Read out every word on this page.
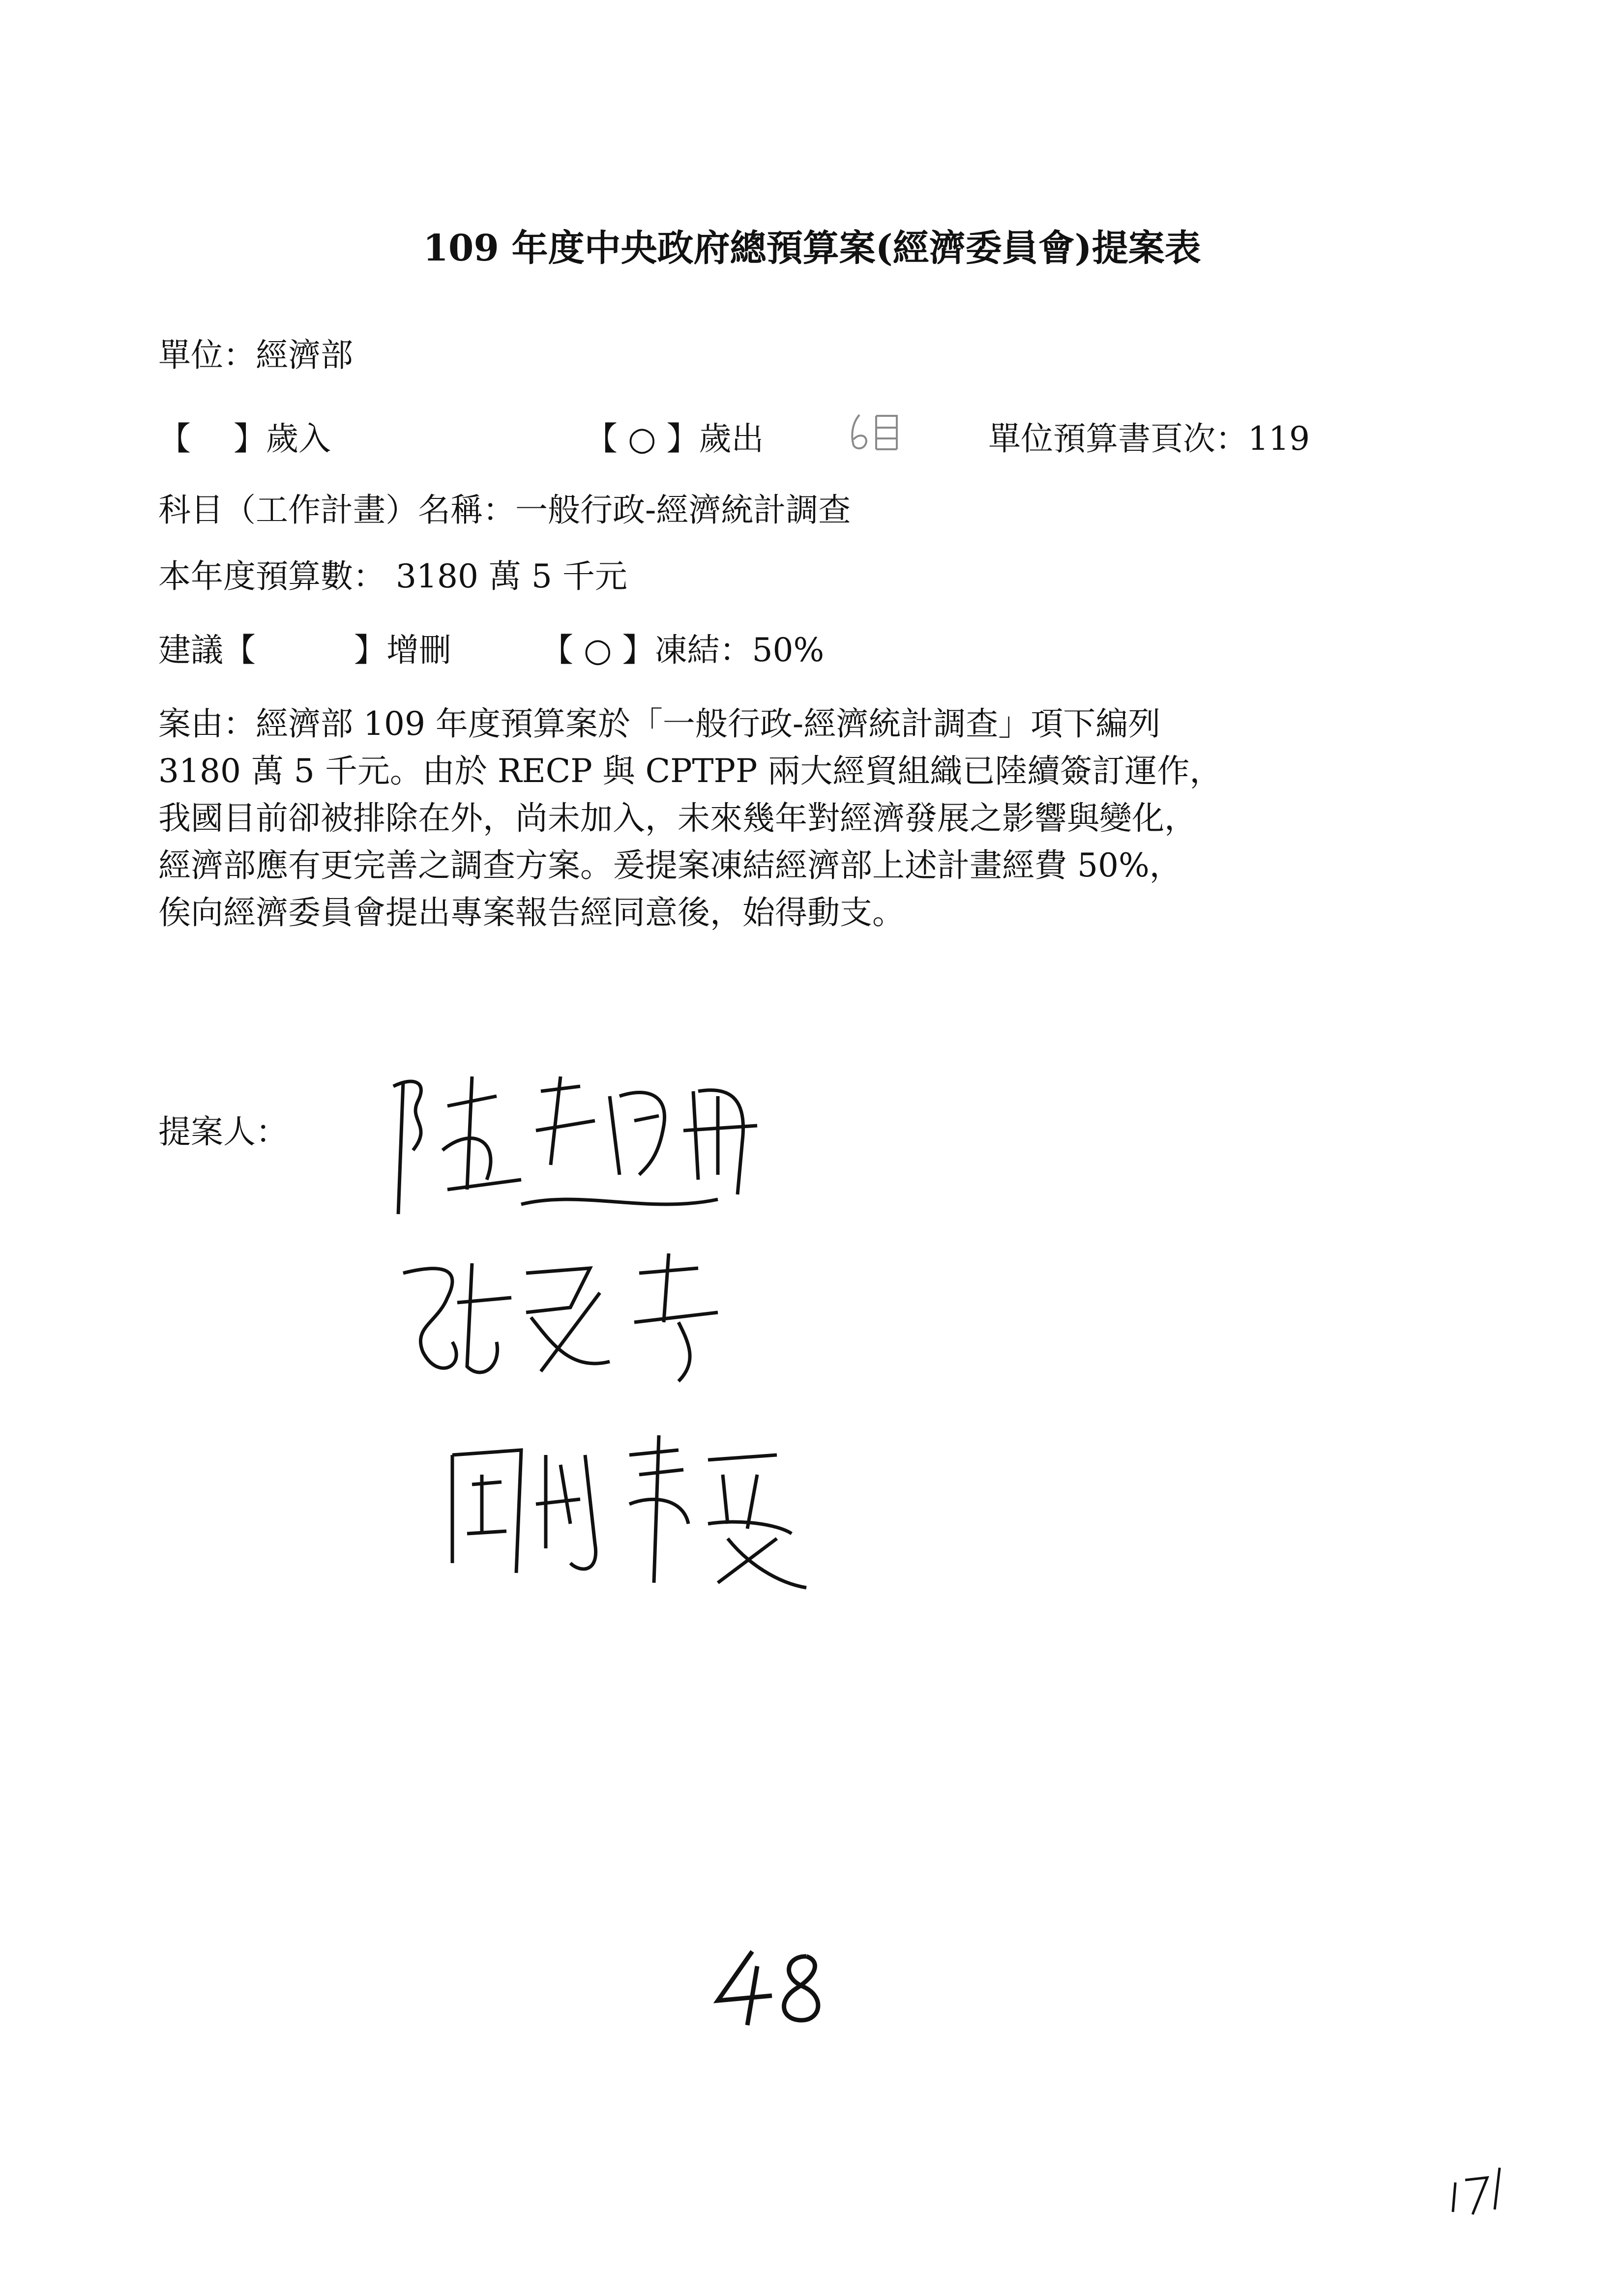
109 年度中央政府總預算案(經濟委員會)提案表
單位：經濟部
【　 】歲入	【 ○ 】歲出	單位預算書頁次：119
科目（工作計畫）名稱：一般行政-經濟統計調查
本年度預算數： 3180 萬 5 千元
建議【	】增刪	【 ○ 】凍結：50%

案由：經濟部 109 年度預算案於「一般行政-經濟統計調查」項下編列

3180 萬 5 千元。由於 RECP 與 CPTPP 兩大經貿組織已陸續簽訂運作，

我國目前卻被排除在外，尚未加入，未來幾年對經濟發展之影響與變化，

經濟部應有更完善之調查方案。爰提案凍結經濟部上述計畫經費 50%，

俟向經濟委員會提出專案報告經同意後，始得動支。

提案人：
